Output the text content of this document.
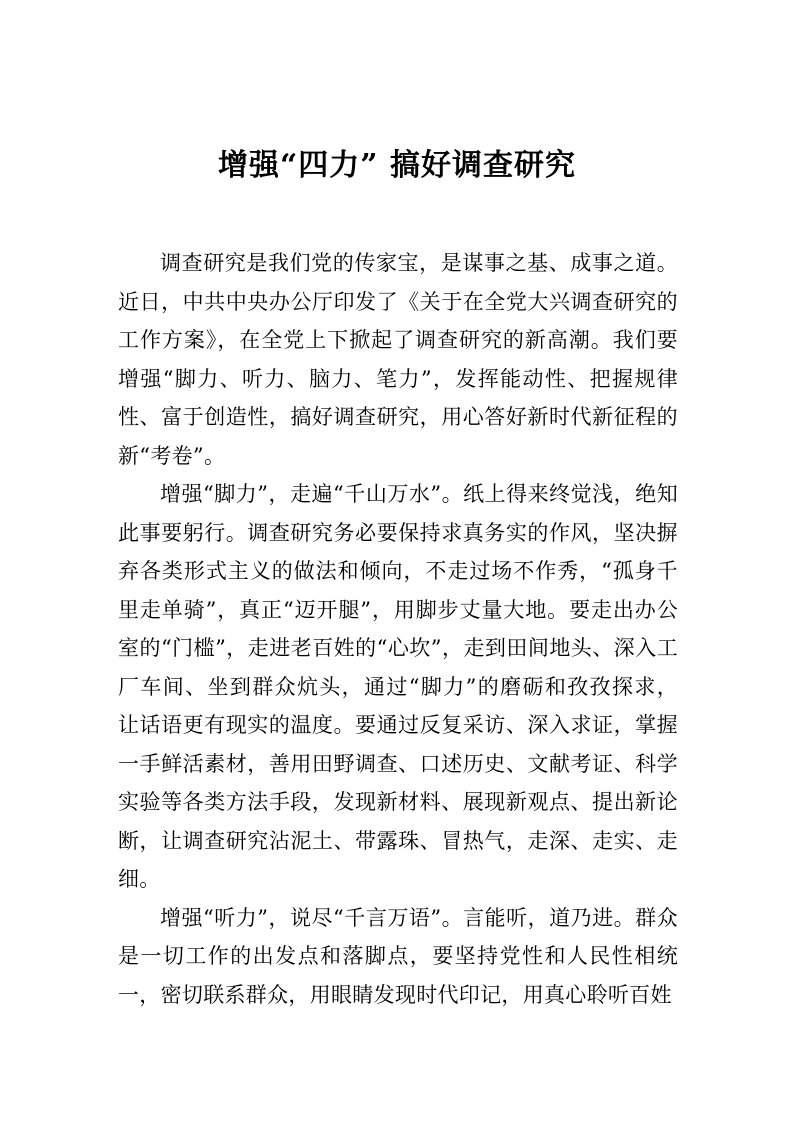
增强“四力” 搞好调查研究

调查研究是我们党的传家宝，是谋事之基、成事之道。近日，中共中央办公厅印发了《关于在全党大兴调查研究的工作方案》，在全党上下掀起了调查研究的新高潮。我们要增强“脚力、听力、脑力、笔力”，发挥能动性、把握规律性、富于创造性，搞好调查研究，用心答好新时代新征程的新“考卷”。

增强“脚力”，走遍“千山万水”。纸上得来终觉浅，绝知此事要躬行。调查研究务必要保持求真务实的作风，坚决摒弃各类形式主义的做法和倾向，不走过场不作秀，“孤身千里走单骑”，真正“迈开腿”，用脚步丈量大地。要走出办公室的“门槛”，走进老百姓的“心坎”，走到田间地头、深入工厂车间、坐到群众炕头，通过“脚力”的磨砺和孜孜探求， 让话语更有现实的温度。要通过反复采访、深入求证，掌握一手鲜活素材，善用田野调查、口述历史、文献考证、科学实验等各类方法手段，发现新材料、展现新观点、提出新论断，让调查研究沾泥土、带露珠、冒热气，走深、走实、走 细。

增强“听力”，说尽“千言万语”。言能听，道乃进。群众是一切工作的出发点和落脚点，要坚持党性和人民性相统一，密切联系群众，用眼睛发现时代印记，用真心聆听百姓
